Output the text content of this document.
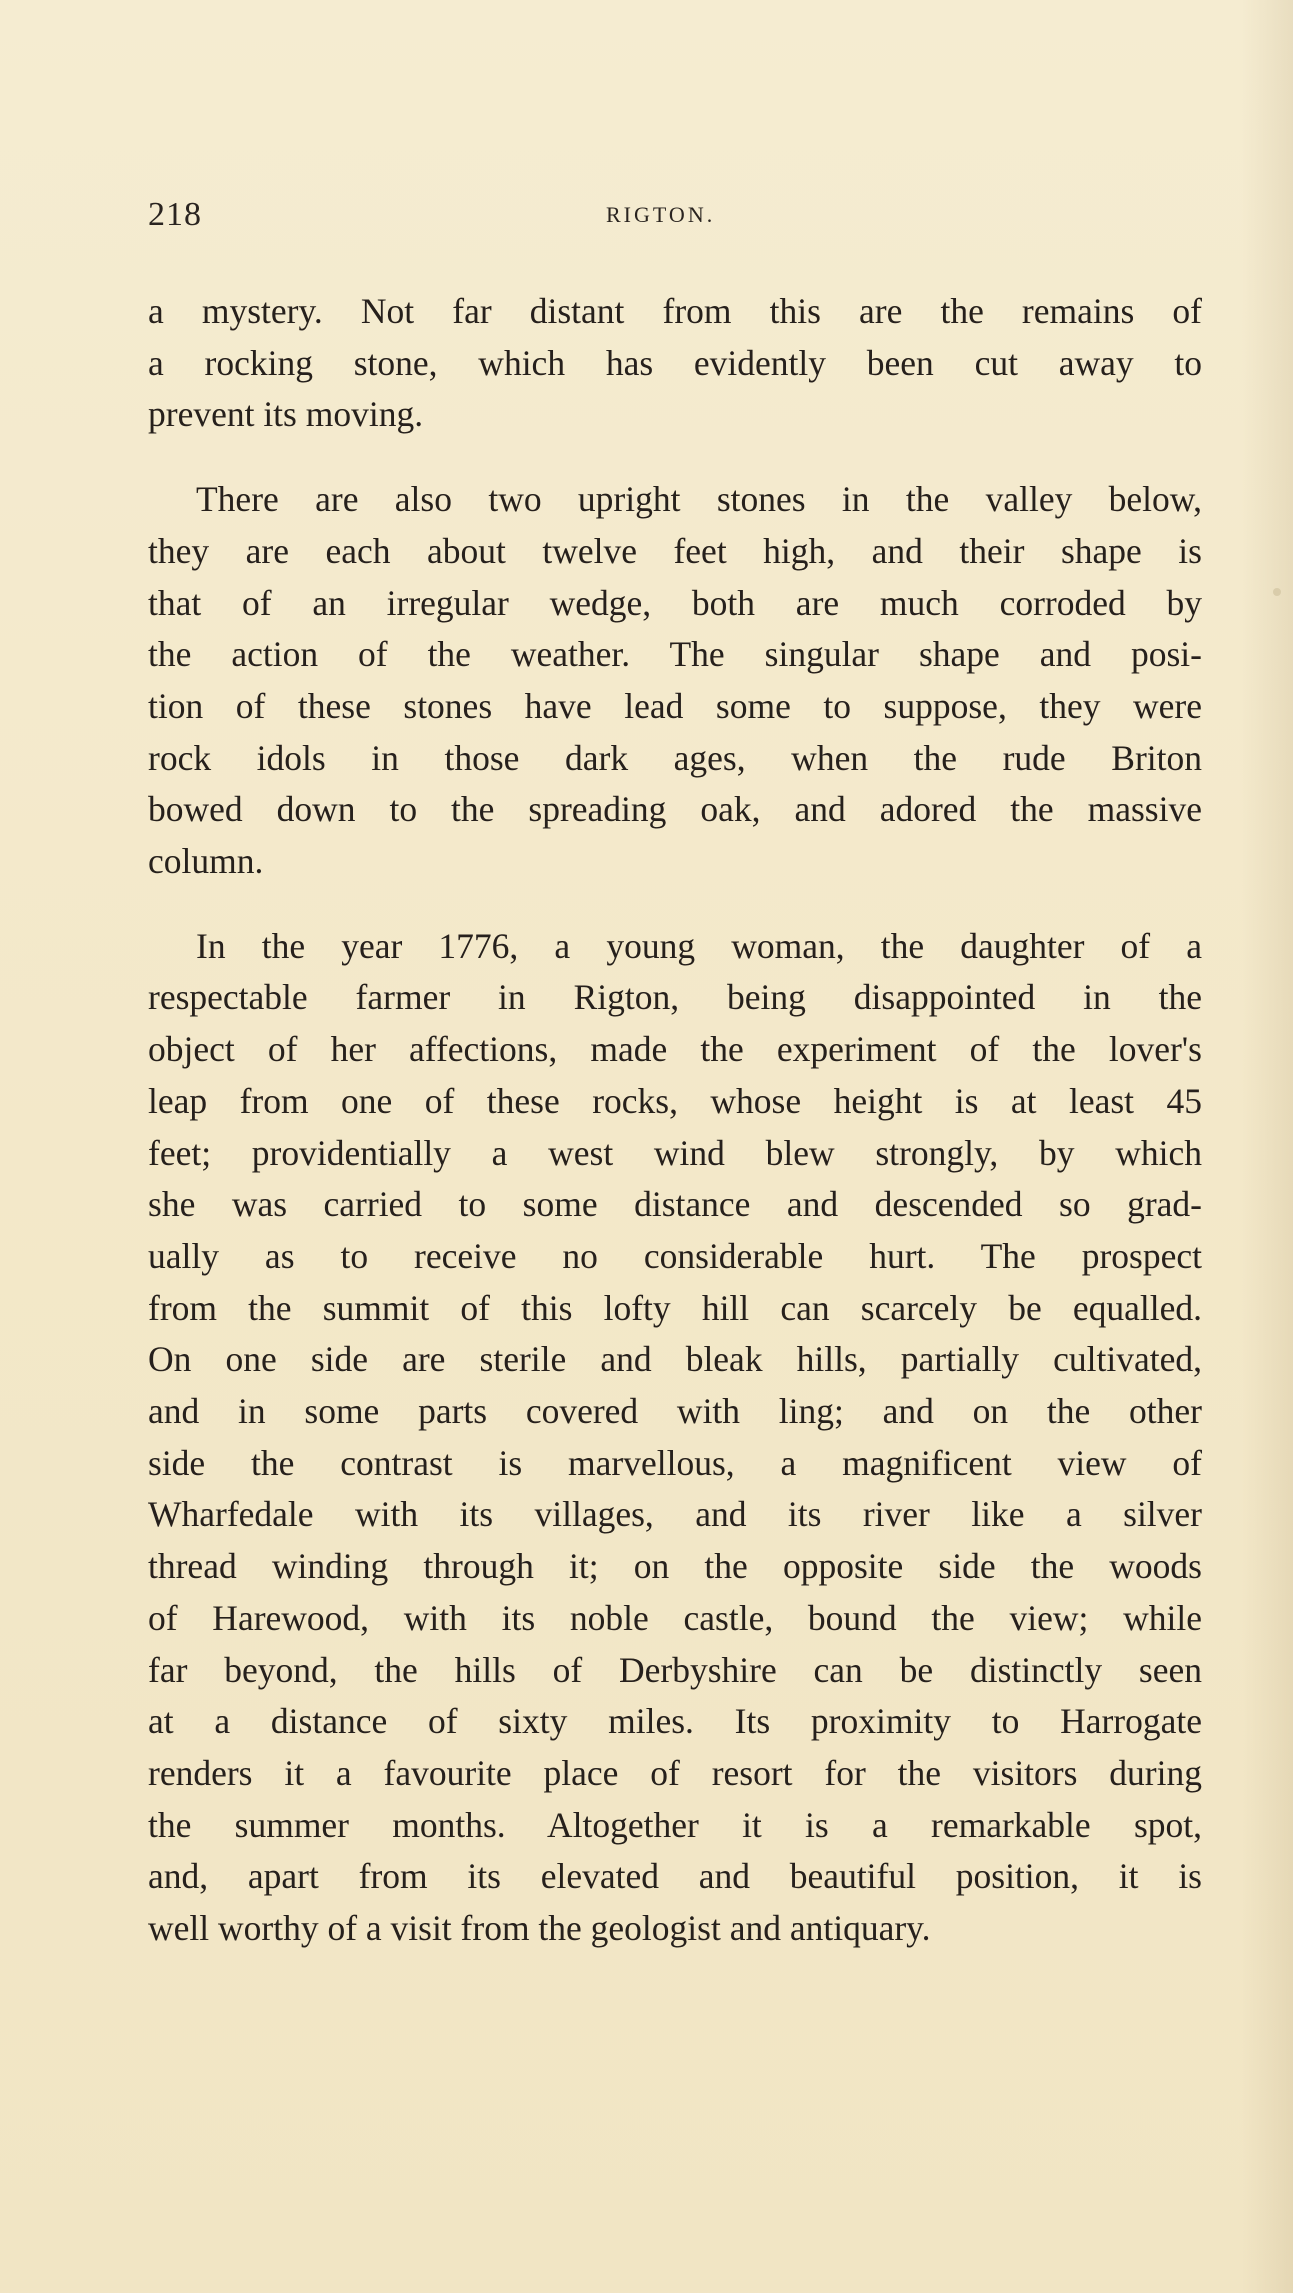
218	RIGTON.
a mystery. Not far distant from this are the remains of
a rocking stone, which has evidently been cut away to
prevent its moving.
There are also two upright stones in the valley below,
they are each about twelve feet high, and their shape is
that of an irregular wedge, both are much corroded by
the action of the weather. The singular shape and posi-
tion of these stones have lead some to suppose, they were
rock idols in those dark ages, when the rude Briton
bowed down to the spreading oak, and adored the massive
column.
In the year 1776, a young woman, the daughter of a
respectable farmer in Rigton, being disappointed in the
object of her affections, made the experiment of the lover's
leap from one of these rocks, whose height is at least 45
feet; providentially a west wind blew strongly, by which
she was carried to some distance and descended so grad-
ually as to receive no considerable hurt. The prospect
from the summit of this lofty hill can scarcely be equalled.
On one side are sterile and bleak hills, partially cultivated,
and in some parts covered with ling; and on the other
side the contrast is marvellous, a magnificent view of
Wharfedale with its villages, and its river like a silver
thread winding through it; on the opposite side the woods
of Harewood, with its noble castle, bound the view; while
far beyond, the hills of Derbyshire can be distinctly seen
at a distance of sixty miles. Its proximity to Harrogate
renders it a favourite place of resort for the visitors during
the summer months. Altogether it is a remarkable spot,
and, apart from its elevated and beautiful position, it is
well worthy of a visit from the geologist and antiquary.
